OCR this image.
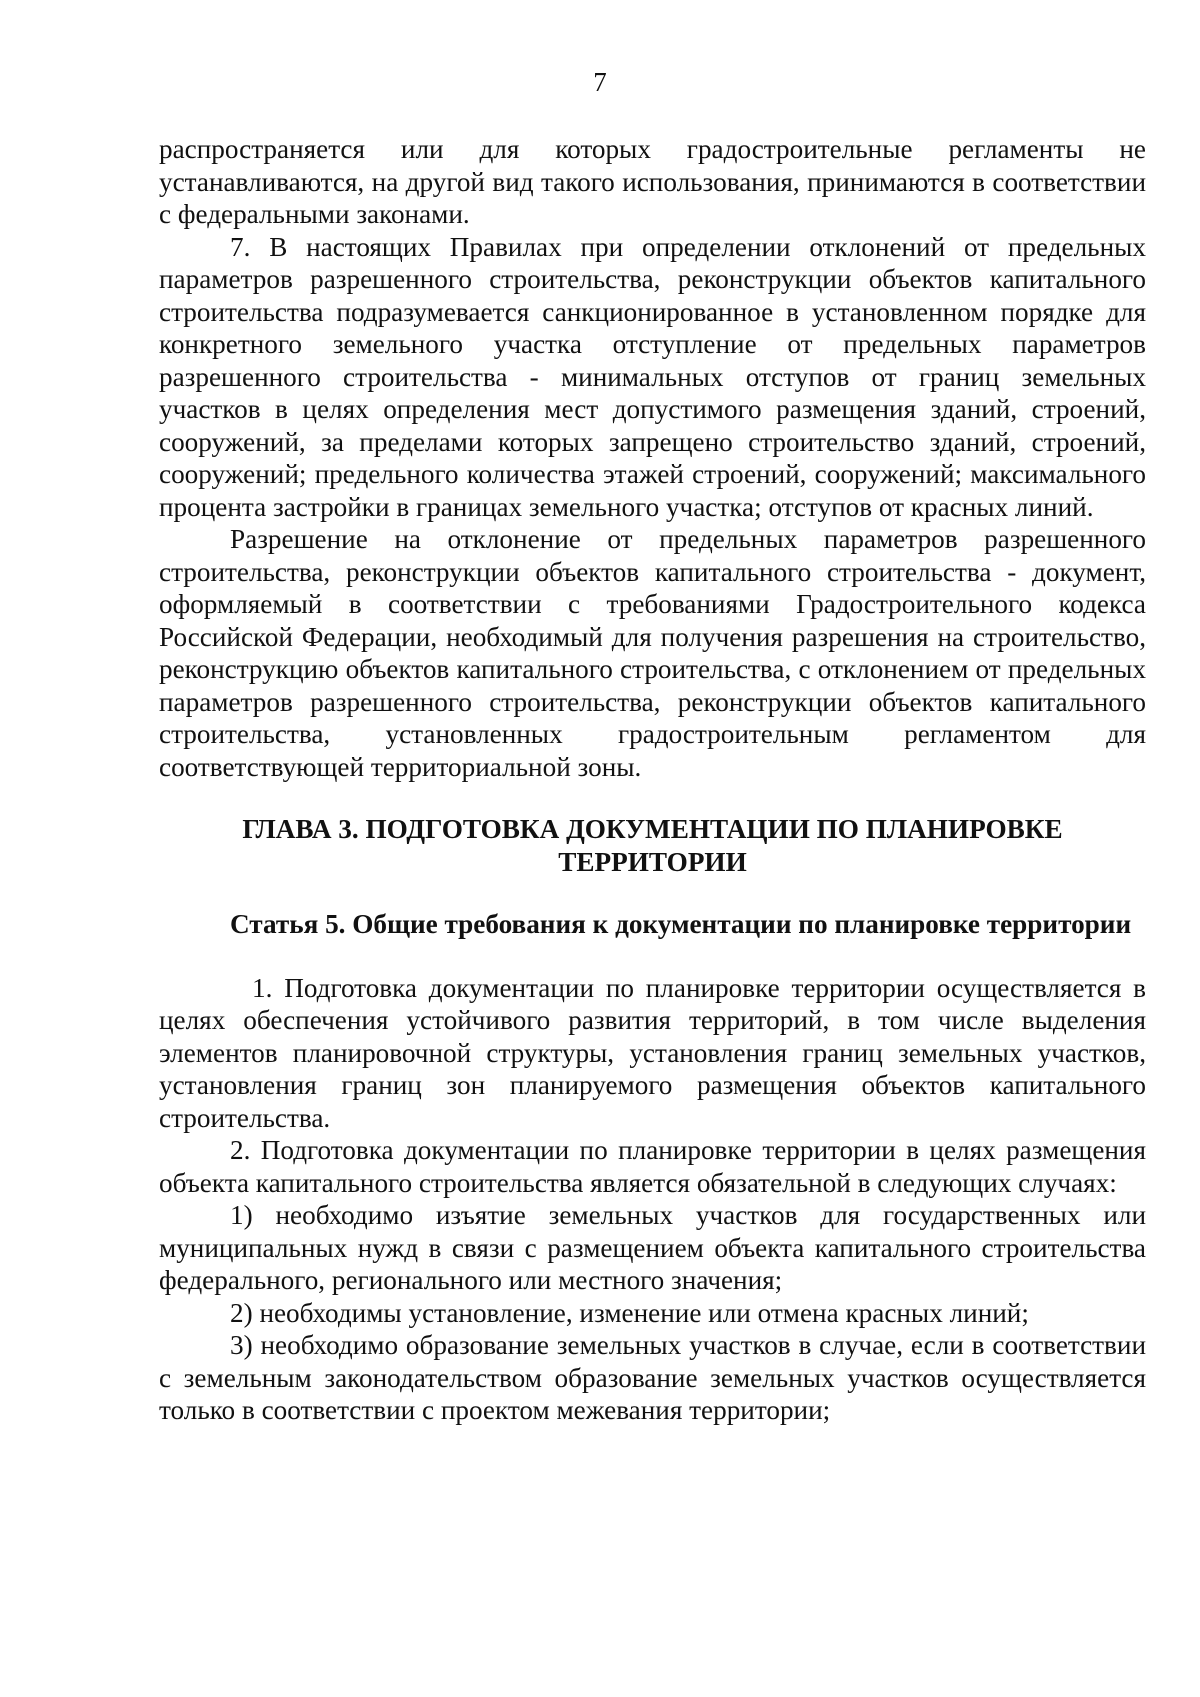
7

распространяется или для которых градостроительные регламенты не устанавливаются, на другой вид такого использования, принимаются в соответствии с федеральными законами.

7. В настоящих Правилах при определении отклонений от предельных параметров разрешенного строительства, реконструкции объектов капитального строительства подразумевается санкционированное в установленном порядке для конкретного земельного участка отступление от предельных параметров разрешенного строительства - минимальных отступов от границ земельных участков в целях определения мест допустимого размещения зданий, строений, сооружений, за пределами которых запрещено строительство зданий, строений, сооружений; предельного количества этажей строений, сооружений; максимального процента застройки в границах земельного участка; отступов от красных линий.

Разрешение на отклонение от предельных параметров разрешенного строительства, реконструкции объектов капитального строительства - документ, оформляемый в соответствии с требованиями Градостроительного кодекса Российской Федерации, необходимый для получения разрешения на строительство, реконструкцию объектов капитального строительства, с отклонением от предельных параметров разрешенного строительства, реконструкции объектов капитального строительства, установленных градостроительным регламентом для соответствующей территориальной зоны.

ГЛАВА 3. ПОДГОТОВКА ДОКУМЕНТАЦИИ ПО ПЛАНИРОВКЕ
ТЕРРИТОРИИ

Статья 5. Общие требования к документации по планировке территории

1. Подготовка документации по планировке территории осуществляется в целях обеспечения устойчивого развития территорий, в том числе выделения элементов планировочной структуры, установления границ земельных участков, установления границ зон планируемого размещения объектов капитального строительства.

2. Подготовка документации по планировке территории в целях размещения объекта капитального строительства является обязательной в следующих случаях:

1) необходимо изъятие земельных участков для государственных или муниципальных нужд в связи с размещением объекта капитального строительства федерального, регионального или местного значения;

2) необходимы установление, изменение или отмена красных линий;

3) необходимо образование земельных участков в случае, если в соответствии с земельным законодательством образование земельных участков осуществляется только в соответствии с проектом межевания территории;
